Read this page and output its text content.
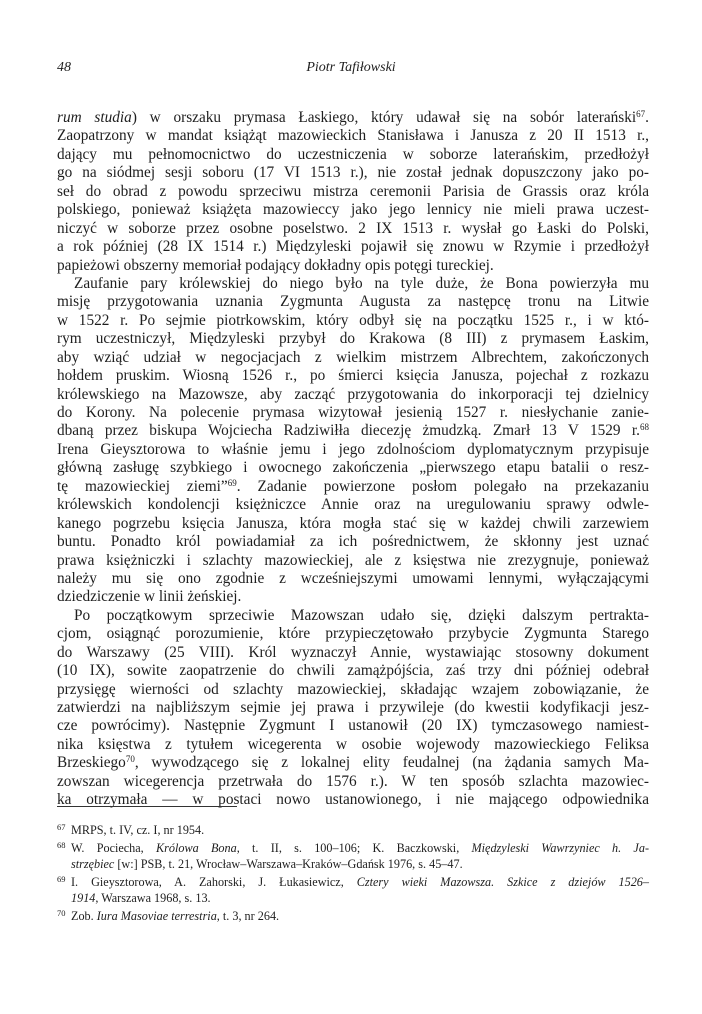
48	Piotr Tafiłowski
rum studia) w orszaku prymasa Łaskiego, który udawał się na sobór laterański$^{67}$.
Zaopatrzony w mandat książąt mazowieckich Stanisława i Janusza z 20 II 1513 r.,
dający mu pełnomocnictwo do uczestniczenia w soborze laterańskim, przedłożył
go na siódmej sesji soboru (17 VI 1513 r.), nie został jednak dopuszczony jako po-
seł do obrad z powodu sprzeciwu mistrza ceremonii Parisia de Grassis oraz króla
polskiego, ponieważ książęta mazowieccy jako jego lennicy nie mieli prawa uczest-
niczyć w soborze przez osobne poselstwo. 2 IX 1513 r. wysłał go Łaski do Polski,
a rok później (28 IX 1514 r.) Międzyleski pojawił się znowu w Rzymie i przedłożył
papieżowi obszerny memoriał podający dokładny opis potęgi tureckiej.
Zaufanie pary królewskiej do niego było na tyle duże, że Bona powierzyła mu
misję przygotowania uznania Zygmunta Augusta za następcę tronu na Litwie
w 1522 r. Po sejmie piotrkowskim, który odbył się na początku 1525 r., i w któ-
rym uczestniczył, Międzyleski przybył do Krakowa (8 III) z prymasem Łaskim,
aby wziąć udział w negocjacjach z wielkim mistrzem Albrechtem, zakończonych
hołdem pruskim. Wiosną 1526 r., po śmierci księcia Janusza, pojechał z rozkazu
królewskiego na Mazowsze, aby zacząć przygotowania do inkorporacji tej dzielnicy
do Korony. Na polecenie prymasa wizytował jesienią 1527 r. niesłychanie zanie-
dbaną przez biskupa Wojciecha Radziwiłła diecezję żmudzką. Zmarł 13 V 1529 r.$^{68}$
Irena Gieysztorowa to właśnie jemu i jego zdolnościom dyplomatycznym przypisuje
główną zasługę szybkiego i owocnego zakończenia „pierwszego etapu batalii o resz-
tę mazowieckiej ziemi”$^{69}$. Zadanie powierzone posłom polegało na przekazaniu
królewskich kondolencji księżniczce Annie oraz na uregulowaniu sprawy odwle-
kanego pogrzebu księcia Janusza, która mogła stać się w każdej chwili zarzewiem
buntu. Ponadto król powiadamiał za ich pośrednictwem, że skłonny jest uznać
prawa księżniczki i szlachty mazowieckiej, ale z księstwa nie zrezygnuje, ponieważ
należy mu się ono zgodnie z wcześniejszymi umowami lennymi, wyłączającymi
dziedziczenie w linii żeńskiej.
Po początkowym sprzeciwie Mazowszan udało się, dzięki dalszym pertrakta-
cjom, osiągnąć porozumienie, które przypieczętowało przybycie Zygmunta Starego
do Warszawy (25 VIII). Król wyznaczył Annie, wystawiając stosowny dokument
(10 IX), sowite zaopatrzenie do chwili zamążpójścia, zaś trzy dni później odebrał
przysięgę wierności od szlachty mazowieckiej, składając wzajem zobowiązanie, że
zatwierdzi na najbliższym sejmie jej prawa i przywileje (do kwestii kodyfikacji jesz-
cze powrócimy). Następnie Zygmunt I ustanowił (20 IX) tymczasowego namiest-
nika księstwa z tytułem wicegerenta w osobie wojewody mazowieckiego Feliksa
Brzeskiego$^{70}$, wywodzącego się z lokalnej elity feudalnej (na żądania samych Ma-
zowszan wicegerencja przetrwała do 1576 r.). W ten sposób szlachta mazowiec-
ka otrzymała — w postaci nowo ustanowionego, i nie mającego odpowiednika
67 MRPS, t. IV, cz. I, nr 1954.
68 W. Pociecha, Królowa Bona, t. II, s. 100–106; K. Baczkowski, Międzyleski Wawrzyniec h. Ja-
strzębiec [w:] PSB, t. 21, Wrocław–Warszawa–Kraków–Gdańsk 1976, s. 45–47.
69 I. Gieysztorowa, A. Zahorski, J. Łukasiewicz, Cztery wieki Mazowsza. Szkice z dziejów 1526–
1914, Warszawa 1968, s. 13.
70 Zob. Iura Masoviae terrestria, t. 3, nr 264.
